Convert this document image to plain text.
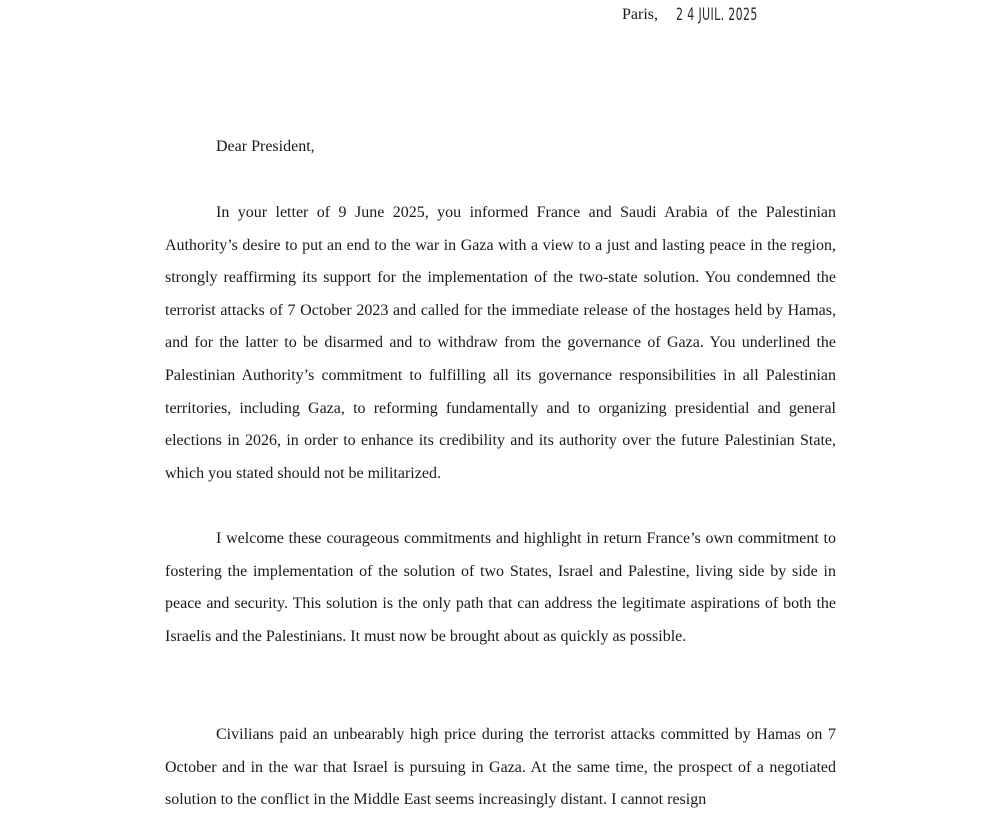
Paris, 2 4 JUIL. 2025
Dear President,

In your letter of 9 June 2025, you informed France and Saudi Arabia of the Palestinian Authority’s desire to put an end to the war in Gaza with a view to a just and lasting peace in the region, strongly reaffirming its support for the implementation of the two-state solution. You condemned the terrorist attacks of 7 October 2023 and called for the immediate release of the hostages held by Hamas, and for the latter to be disarmed and to withdraw from the governance of Gaza. You underlined the Palestinian Authority’s commitment to fulfilling all its governance responsibilities in all Palestinian territories, including Gaza, to reforming fundamentally and to organizing presidential and general elections in 2026, in order to enhance its credibility and its authority over the future Palestinian State, which you stated should not be militarized.

I welcome these courageous commitments and highlight in return France’s own commitment to fostering the implementation of the solution of two States, Israel and Palestine, living side by side in peace and security. This solution is the only path that can address the legitimate aspirations of both the Israelis and the Palestinians. It must now be brought about as quickly as possible.

Civilians paid an unbearably high price during the terrorist attacks committed by Hamas on 7 October and in the war that Israel is pursuing in Gaza. At the same time, the prospect of a negotiated solution to the conflict in the Middle East seems increasingly distant. I cannot resign
